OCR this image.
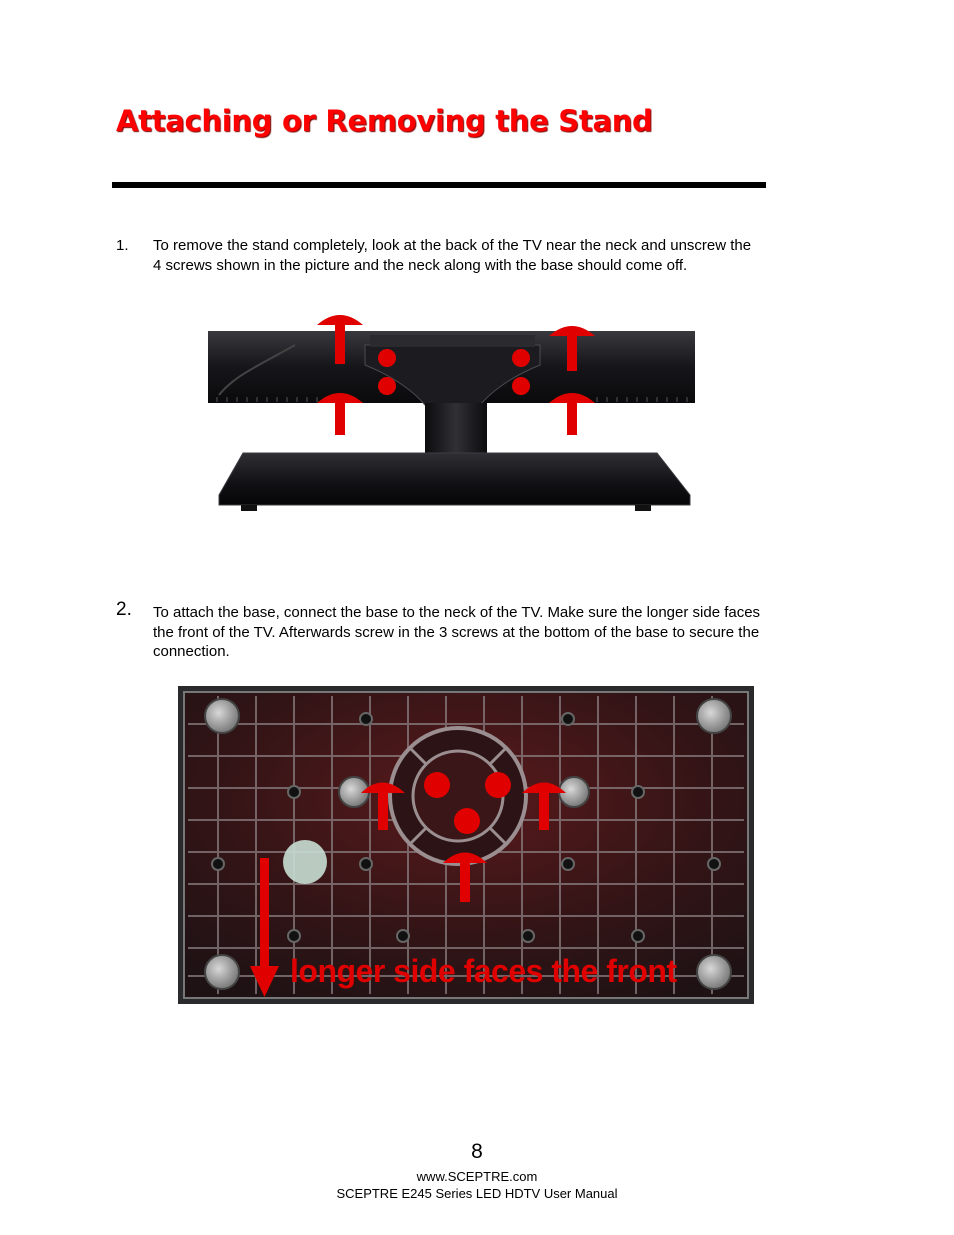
Attaching or Removing the Stand
1. To remove the stand completely, look at the back of the TV near the neck and unscrew the 4 screws shown in the picture and the neck along with the base should come off.
2. To attach the base, connect the base to the neck of the TV. Make sure the longer side faces the front of the TV. Afterwards screw in the 3 screws at the bottom of the base to secure the connection.
longer side faces the front
8
www.SCEPTRE.com
SCEPTRE E245 Series LED HDTV User Manual
